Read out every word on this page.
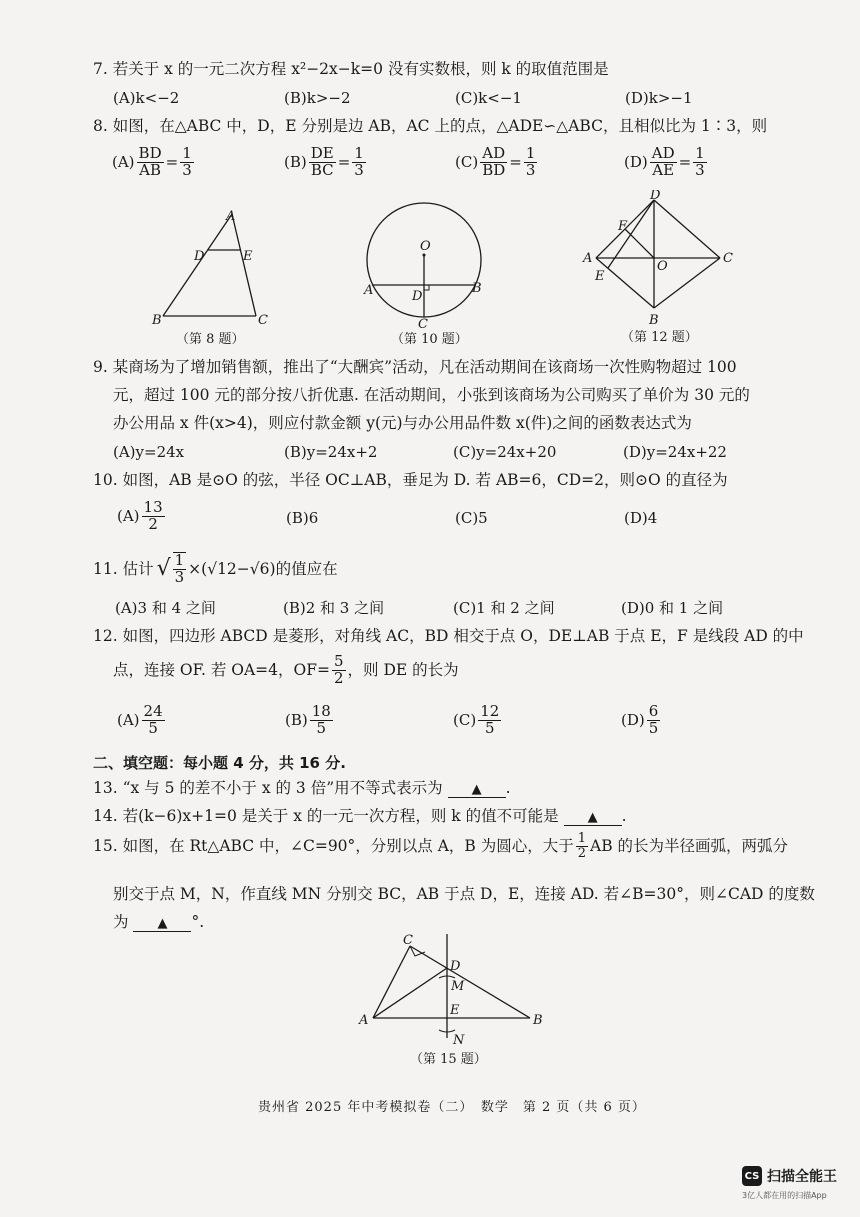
7. 若关于 x 的一元二次方程 x²−2x−k=0 没有实数根，则 k 的取值范围是
(A)k<−2	(B)k>−2	(C)k<−1	(D)k>−1
8. 如图，在△ABC 中，D，E 分别是边 AB，AC 上的点，△ADE∽△ABC，且相似比为 1∶3，则
$(A) \frac{BD}{AB} = \frac{1}{3}$	$(B) \frac{DE}{BC} = \frac{1}{3}$	$(C) \frac{AD}{BD} = \frac{1}{3}$	$(D) \frac{AD}{AE} = \frac{1}{3}$
A
D	E
B	C
（第 8 题）
O
A	B
D
C
（第 10 题）
D
F
A
E
O
C
B
（第 12 题）
9. 某商场为了增加销售额，推出了“大酬宾”活动，凡在活动期间在该商场一次性购物超过 100
元，超过 100 元的部分按八折优惠. 在活动期间，小张到该商场为公司购买了单价为 30 元的
办公用品 x 件(x>4)，则应付款金额 y(元)与办公用品件数 x(件)之间的函数表达式为
(A)y=24x	(B)y=24x+2	(C)y=24x+20	(D)y=24x+22
10. 如图，AB 是⊙O 的弦，半径 OC⊥AB，垂足为 D. 若 AB=6，CD=2，则⊙O 的直径为
$(A) \frac{13}{2}$	(B)6	(C)5	(D)4
11. 估计 √ $\frac{1}{3} \times(√12-√6)$的值应在
(A)3 和 4 之间	(B)2 和 3 之间	(C)1 和 2 之间	(D)0 和 1 之间
12. 如图，四边形 ABCD 是菱形，对角线 AC，BD 相交于点 O，DE⊥AB 于点 E，F 是线段 AD 的中
点，连接 OF. 若 OA=4，$OF= \frac{5}{2}$ ，则 DE 的长为
$(A) \frac{24}{5}$	$(B) \frac{18}{5}$	$(C) \frac{12}{5}$	$(D) \frac{6}{5}$
二、填空题：每小题 4 分，共 16 分.
13. “x 与 5 的差不小于 x 的 3 倍”用不等式表示为 ▲ .
14. 若(k−6)x+1=0 是关于 x 的一元一次方程，则 k 的值不可能是 ▲ .
15. 如图，在 Rt△ABC 中，∠C=90°，分别以点 A，B 为圆心，大于 $\frac{1}{2}$ AB 的长为半径画弧，两弧分
别交于点 M，N，作直线 MN 分别交 BC，AB 于点 D，E，连接 AD. 若∠B=30°，则∠CAD 的度数
为 ▲ °.
C
D
M
A
E
B
N
（第 15 题）
贵州省 2025 年中考模拟卷（二）　数学　第 2 页（共 6 页）
CS 扫描全能王
3亿人都在用的扫描App
